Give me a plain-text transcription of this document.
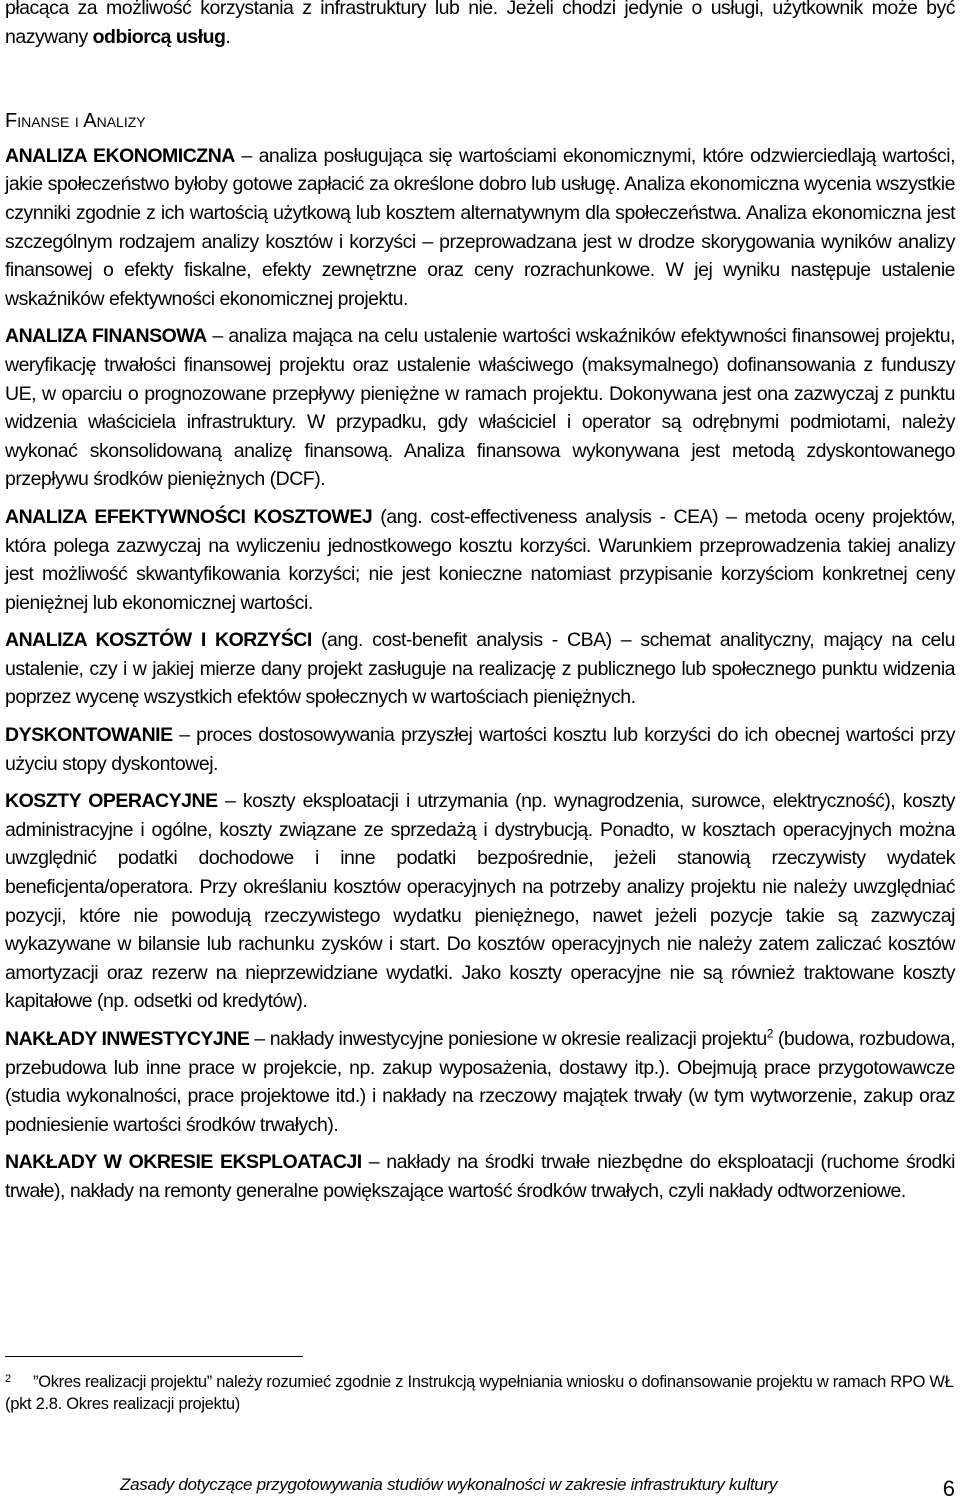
płacąca za możliwość korzystania z infrastruktury lub nie. Jeżeli chodzi jedynie o usługi, użytkownik może być nazywany odbiorcą usług.

Finanse i Analizy

ANALIZA EKONOMICZNA – analiza posługująca się wartościami ekonomicznymi, które odzwierciedlają wartości, jakie społeczeństwo byłoby gotowe zapłacić za określone dobro lub usługę. Analiza ekonomiczna wycenia wszystkie czynniki zgodnie z ich wartością użytkową lub kosztem alternatywnym dla społeczeństwa. Analiza ekonomiczna jest szczególnym rodzajem analizy kosztów i korzyści – przeprowadzana jest w drodze skorygowania wyników analizy finansowej o efekty fiskalne, efekty zewnętrzne oraz ceny rozrachunkowe. W jej wyniku następuje ustalenie wskaźników efektywności ekonomicznej projektu.

ANALIZA FINANSOWA – analiza mająca na celu ustalenie wartości wskaźników efektywności finansowej projektu, weryfikację trwałości finansowej projektu oraz ustalenie właściwego (maksymalnego) dofinansowania z funduszy UE, w oparciu o prognozowane przepływy pieniężne w ramach projektu. Dokonywana jest ona zazwyczaj z punktu widzenia właściciela infrastruktury. W przypadku, gdy właściciel i operator są odrębnymi podmiotami, należy wykonać skonsolidowaną analizę finansową. Analiza finansowa wykonywana jest metodą zdyskontowanego przepływu środków pieniężnych (DCF).

ANALIZA EFEKTYWNOŚCI KOSZTOWEJ (ang. cost-effectiveness analysis - CEA) – metoda oceny projektów, która polega zazwyczaj na wyliczeniu jednostkowego kosztu korzyści. Warunkiem przeprowadzenia takiej analizy jest możliwość skwantyfikowania korzyści; nie jest konieczne natomiast przypisanie korzyściom konkretnej ceny pieniężnej lub ekonomicznej wartości.

ANALIZA KOSZTÓW I KORZYŚCI (ang. cost-benefit analysis - CBA) – schemat analityczny, mający na celu ustalenie, czy i w jakiej mierze dany projekt zasługuje na realizację z publicznego lub społecznego punktu widzenia poprzez wycenę wszystkich efektów społecznych w wartościach pieniężnych.

DYSKONTOWANIE – proces dostosowywania przyszłej wartości kosztu lub korzyści do ich obecnej wartości przy użyciu stopy dyskontowej.

KOSZTY OPERACYJNE – koszty eksploatacji i utrzymania (np. wynagrodzenia, surowce, elektryczność), koszty administracyjne i ogólne, koszty związane ze sprzedażą i dystrybucją. Ponadto, w kosztach operacyjnych można uwzględnić podatki dochodowe i inne podatki bezpośrednie, jeżeli stanowią rzeczywisty wydatek beneficjenta/operatora. Przy określaniu kosztów operacyjnych na potrzeby analizy projektu nie należy uwzględniać pozycji, które nie powodują rzeczywistego wydatku pieniężnego, nawet jeżeli pozycje takie są zazwyczaj wykazywane w bilansie lub rachunku zysków i start. Do kosztów operacyjnych nie należy zatem zaliczać kosztów amortyzacji oraz rezerw na nieprzewidziane wydatki. Jako koszty operacyjne nie są również traktowane koszty kapitałowe (np. odsetki od kredytów).

NAKŁADY INWESTYCYJNE – nakłady inwestycyjne poniesione w okresie realizacji projektu$^2$ (budowa, rozbudowa, przebudowa lub inne prace w projekcie, np. zakup wyposażenia, dostawy itp.). Obejmują prace przygotowawcze (studia wykonalności, prace projektowe itd.) i nakłady na rzeczowy majątek trwały (w tym wytworzenie, zakup oraz podniesienie wartości środków trwałych).

NAKŁADY W OKRESIE EKSPLOATACJI – nakłady na środki trwałe niezbędne do eksploatacji (ruchome środki trwałe), nakłady na remonty generalne powiększające wartość środków trwałych, czyli nakłady odtworzeniowe.

2 ”Okres realizacji projektu” należy rozumieć zgodnie z Instrukcją wypełniania wniosku o dofinansowanie projektu w ramach RPO WŁ (pkt 2.8. Okres realizacji projektu)
Zasady dotyczące przygotowywania studiów wykonalności w zakresie infrastruktury kultury	6
